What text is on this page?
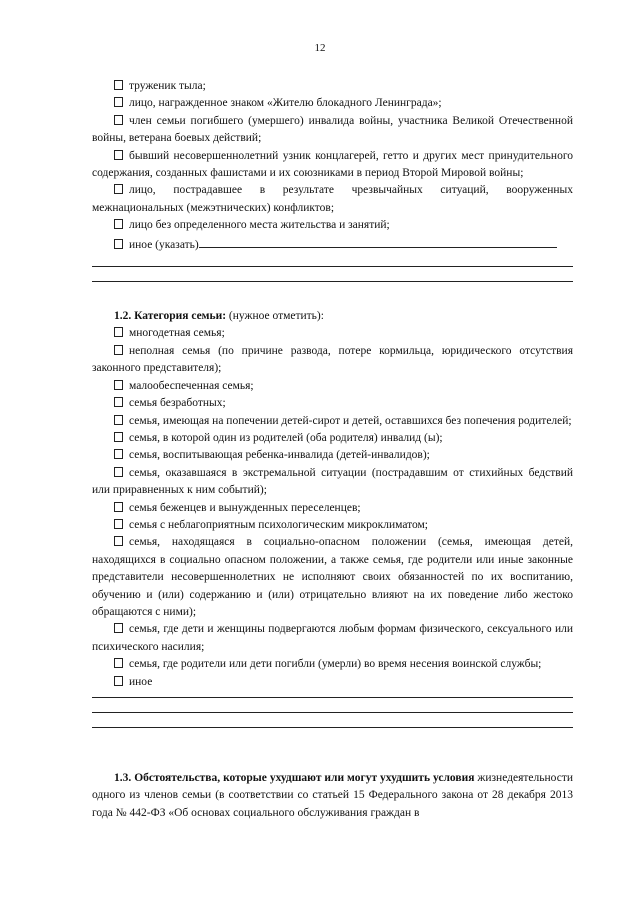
12
труженик тыла;
лицо, награжденное знаком «Жителю блокадного Ленинграда»;
член семьи погибшего (умершего) инвалида войны, участника Великой Отечественной войны, ветерана боевых действий;
бывший несовершеннолетний узник концлагерей, гетто и других мест принудительного содержания, созданных фашистами и их союзниками в период Второй Мировой войны;
лицо, пострадавшее в результате чрезвычайных ситуаций, вооруженных межнациональных (межэтнических) конфликтов;
лицо без определенного места жительства и занятий;
иное (указать)
1.2. Категория семьи: (нужное отметить):
многодетная семья;
неполная семья (по причине развода, потере кормильца, юридического отсутствия законного представителя);
малообеспеченная семья;
семья безработных;
семья, имеющая на попечении детей-сирот и детей, оставшихся без попечения родителей;
семья, в которой один из родителей (оба родителя) инвалид (ы);
семья, воспитывающая ребенка-инвалида (детей-инвалидов);
семья, оказавшаяся в экстремальной ситуации (пострадавшим от стихийных бедствий или приравненных к ним событий);
семья беженцев и вынужденных переселенцев;
семья с неблагоприятным психологическим микроклиматом;
семья, находящаяся в социально-опасном положении (семья, имеющая детей, находящихся в социально опасном положении, а также семья, где родители или иные законные представители несовершеннолетних не исполняют своих обязанностей по их воспитанию, обучению и (или) содержанию и (или) отрицательно влияют на их поведение либо жестоко обращаются с ними);
семья, где дети и женщины подвергаются любым формам физического, сексуального или психического насилия;
семья, где родители или дети погибли (умерли) во время несения воинской службы;
иное
1.3. Обстоятельства, которые ухудшают или могут ухудшить условия жизнедеятельности одного из членов семьи (в соответствии со статьей 15 Федерального закона от 28 декабря 2013 года № 442-ФЗ «Об основах социального обслуживания граждан в
